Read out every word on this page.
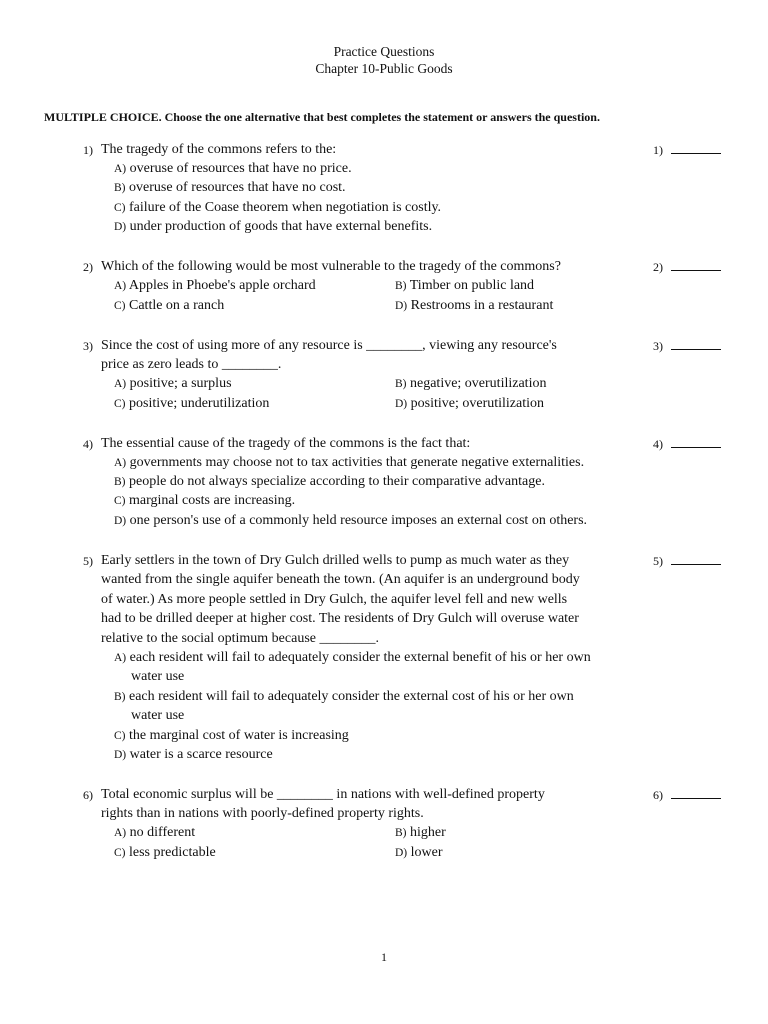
Practice Questions
Chapter 10-Public Goods
MULTIPLE CHOICE. Choose the one alternative that best completes the statement or answers the question.
1) The tragedy of the commons refers to the:	1)
A) overuse of resources that have no price.
B) overuse of resources that have no cost.
C) failure of the Coase theorem when negotiation is costly.
D) under production of goods that have external benefits.
2) Which of the following would be most vulnerable to the tragedy of the commons?	2)
A) Apples in Phoebe's apple orchard	B) Timber on public land
C) Cattle on a ranch	D) Restrooms in a restaurant
3) Since the cost of using more of any resource is ________, viewing any resource's
price as zero leads to ________.
3)
A) positive; a surplus	B) negative; overutilization
C) positive; underutilization	D) positive; overutilization
4) The essential cause of the tragedy of the commons is the fact that:	4)
A) governments may choose not to tax activities that generate negative externalities.
B) people do not always specialize according to their comparative advantage.
C) marginal costs are increasing.
D) one person's use of a commonly held resource imposes an external cost on others.
5) Early settlers in the town of Dry Gulch drilled wells to pump as much water as they
wanted from the single aquifer beneath the town. (An aquifer is an underground body
of water.) As more people settled in Dry Gulch, the aquifer level fell and new wells
had to be drilled deeper at higher cost. The residents of Dry Gulch will overuse water
relative to the social optimum because ________.
5)
A) each resident will fail to adequately consider the external benefit of his or her own
water use
B) each resident will fail to adequately consider the external cost of his or her own
water use
C) the marginal cost of water is increasing
D) water is a scarce resource
6) Total economic surplus will be ________ in nations with well-defined property
rights than in nations with poorly-defined property rights.
6)
A) no different	B) higher
C) less predictable	D) lower
1
